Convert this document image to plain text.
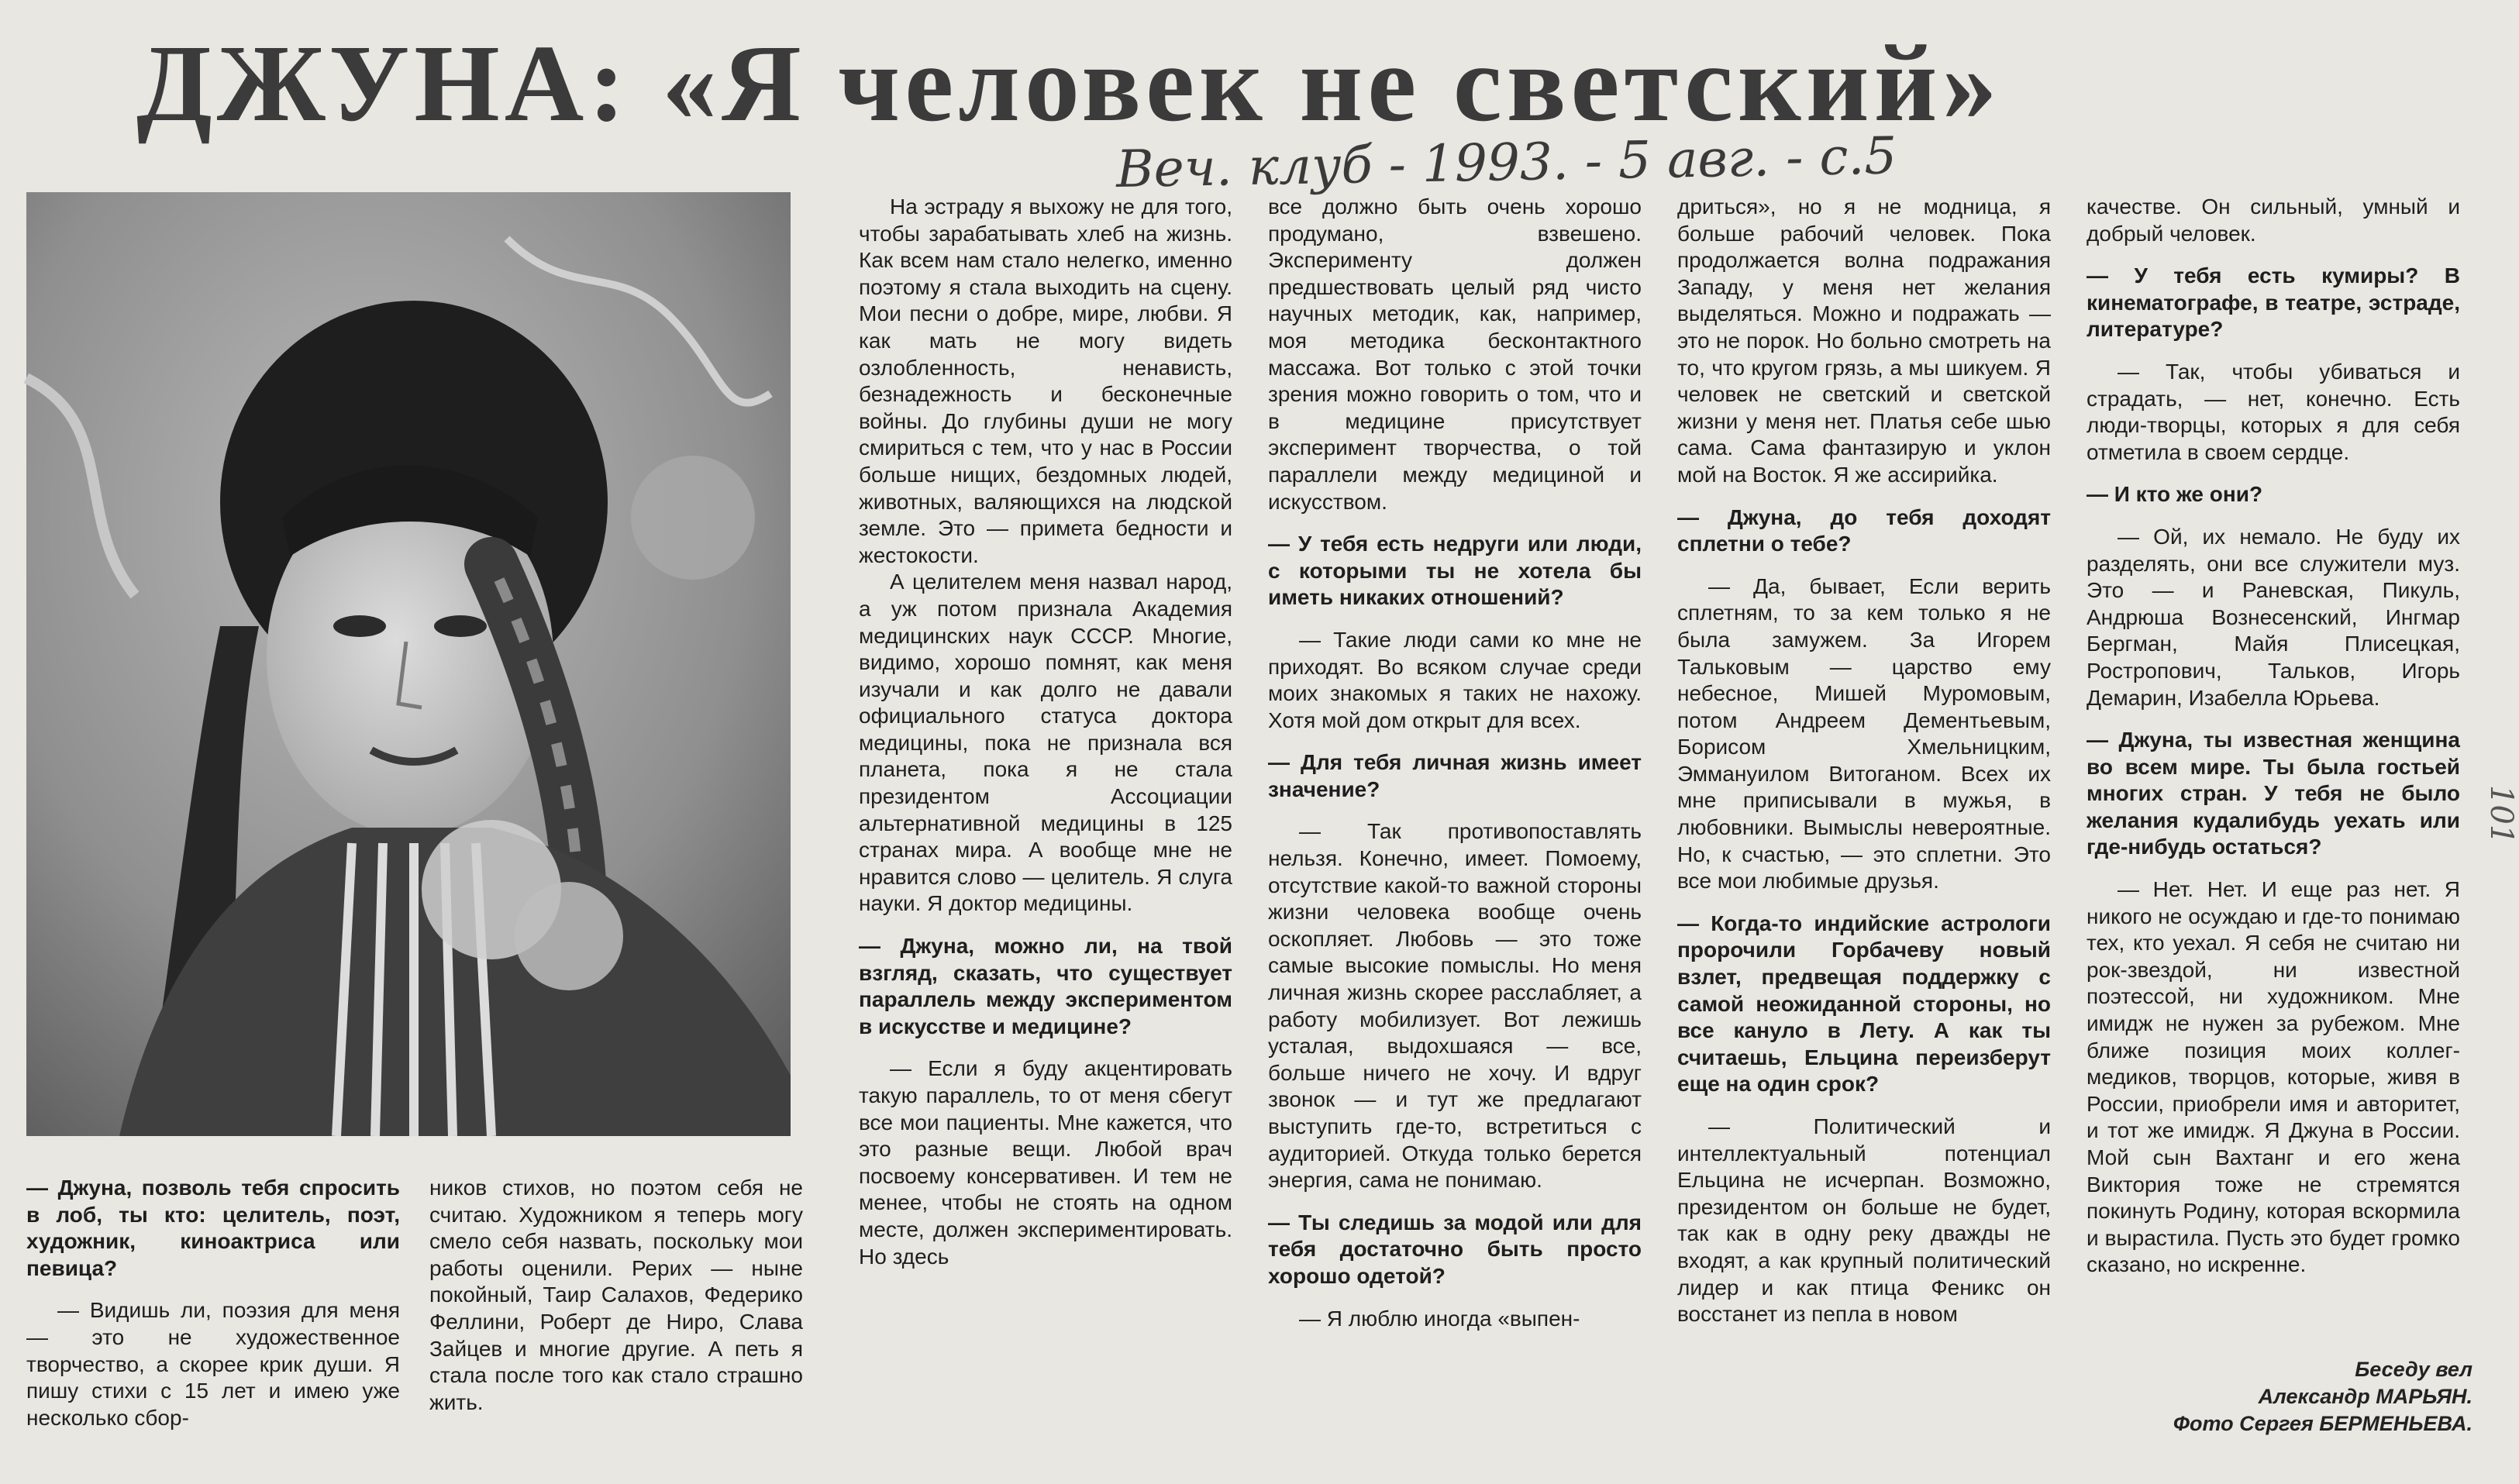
ДЖУНА: «Я человек не светский»
Веч. клуб - 1993. - 5 авг. - с.5

— Джуна, позволь тебя спросить в лоб, ты кто: целитель, поэт, художник, киноактриса или певица?

— Видишь ли, поэзия для меня — это не художественное творчество, а скорее крик души. Я пишу стихи с 15 лет и имею уже несколько сбор-

ников стихов, но поэтом себя не считаю. Художником я теперь могу смело себя назвать, поскольку мои работы оценили. Рерих — ныне покойный, Таир Салахов, Федерико Феллини, Роберт де Ниро, Слава Зайцев и многие другие. А петь я стала после того как стало страшно жить.

На эстраду я выхожу не для того, чтобы зарабатывать хлеб на жизнь. Как всем нам стало нелегко, именно поэтому я стала выходить на сцену. Мои песни о добре, мире, любви. Я как мать не могу видеть озлобленность, ненависть, безнадежность и бесконечные войны. До глубины души не могу смириться с тем, что у нас в России больше нищих, бездомных людей, животных, валяющихся на людской земле. Это — примета бедности и жестокости.

А целителем меня назвал народ, а уж потом признала Академия медицинских наук СССР. Многие, видимо, хорошо помнят, как меня изучали и как долго не давали официального статуса доктора медицины, пока не признала вся планета, пока я не стала президентом Ассоциации альтернативной медицины в 125 странах мира. А вообще мне не нравится слово — целитель. Я слуга науки. Я доктор медицины.

— Джуна, можно ли, на твой взгляд, сказать, что существует параллель между экспериментом в искусстве и медицине?

— Если я буду акцентировать такую параллель, то от меня сбегут все мои пациенты. Мне кажется, что это разные вещи. Любой врач посвоему консервативен. И тем не менее, чтобы не стоять на одном месте, должен экспериментировать. Но здесь

все должно быть очень хорошо продумано, взвешено. Эксперименту должен предшествовать целый ряд чисто научных методик, как, например, моя методика бесконтактного массажа. Вот только с этой точки зрения можно говорить о том, что и в медицине присутствует эксперимент творчества, о той параллели между медициной и искусством.

— У тебя есть недруги или люди, с которыми ты не хотела бы иметь никаких отношений?

— Такие люди сами ко мне не приходят. Во всяком случае среди моих знакомых я таких не нахожу. Хотя мой дом открыт для всех.

— Для тебя личная жизнь имеет значение?

— Так противопоставлять нельзя. Конечно, имеет. Помоему, отсутствие какой-то важной стороны жизни человека вообще очень оскопляет. Любовь — это тоже самые высокие помыслы. Но меня личная жизнь скорее расслабляет, а работу мобилизует. Вот лежишь усталая, выдохшаяся — все, больше ничего не хочу. И вдруг звонок — и тут же предлагают выступить где-то, встретиться с аудиторией. Откуда только берется энергия, сама не понимаю.

— Ты следишь за модой или для тебя достаточно быть просто хорошо одетой?

— Я люблю иногда «выпен-

дриться», но я не модница, я больше рабочий человек. Пока продолжается волна подражания Западу, у меня нет желания выделяться. Можно и подражать — это не порок. Но больно смотреть на то, что кругом грязь, а мы шикуем. Я человек не светский и светской жизни у меня нет. Платья себе шью сама. Сама фантазирую и уклон мой на Восток. Я же ассирийка.

— Джуна, до тебя доходят сплетни о тебе?

— Да, бывает, Если верить сплетням, то за кем только я не была замужем. За Игорем Тальковым — царство ему небесное, Мишей Муромовым, потом Андреем Дементьевым, Борисом Хмельницким, Эммануилом Витоганом. Всех их мне приписывали в мужья, в любовники. Вымыслы невероятные. Но, к счастью, — это сплетни. Это все мои любимые друзья.

— Когда-то индийские астрологи пророчили Горбачеву новый взлет, предвещая поддержку с самой неожиданной стороны, но все кануло в Лету. А как ты считаешь, Ельцина переизберут еще на один срок?

— Политический и интеллектуальный потенциал Ельцина не исчерпан. Возможно, президентом он больше не будет, так как в одну реку дважды не входят, а как крупный политический лидер и как птица Феникс он восстанет из пепла в новом

качестве. Он сильный, умный и добрый человек.

— У тебя есть кумиры? В кинематографе, в театре, эстраде, литературе?

— Так, чтобы убиваться и страдать, — нет, конечно. Есть люди-творцы, которых я для себя отметила в своем сердце.

— И кто же они?

— Ой, их немало. Не буду их разделять, они все служители муз. Это — и Раневская, Пикуль, Андрюша Вознесенский, Ингмар Бергман, Майя Плисецкая, Ростропович, Тальков, Игорь Демарин, Изабелла Юрьева.

— Джуна, ты известная женщина во всем мире. Ты была гостьей многих стран. У тебя не было желания кудалибудь уехать или где-нибудь остаться?

— Нет. Нет. И еще раз нет. Я никого не осуждаю и где-то понимаю тех, кто уехал. Я себя не считаю ни рок-звездой, ни известной поэтессой, ни художником. Мне имидж не нужен за рубежом. Мне ближе позиция моих коллег-медиков, творцов, которые, живя в России, приобрели имя и авторитет, и тот же имидж. Я Джуна в России. Мой сын Вахтанг и его жена Виктория тоже не стремятся покинуть Родину, которая вскормила и вырастила. Пусть это будет громко сказано, но искренне.

Беседу вел
Александр МАРЬЯН.
Фото Сергея БЕРМЕНЬЕВА.
101
